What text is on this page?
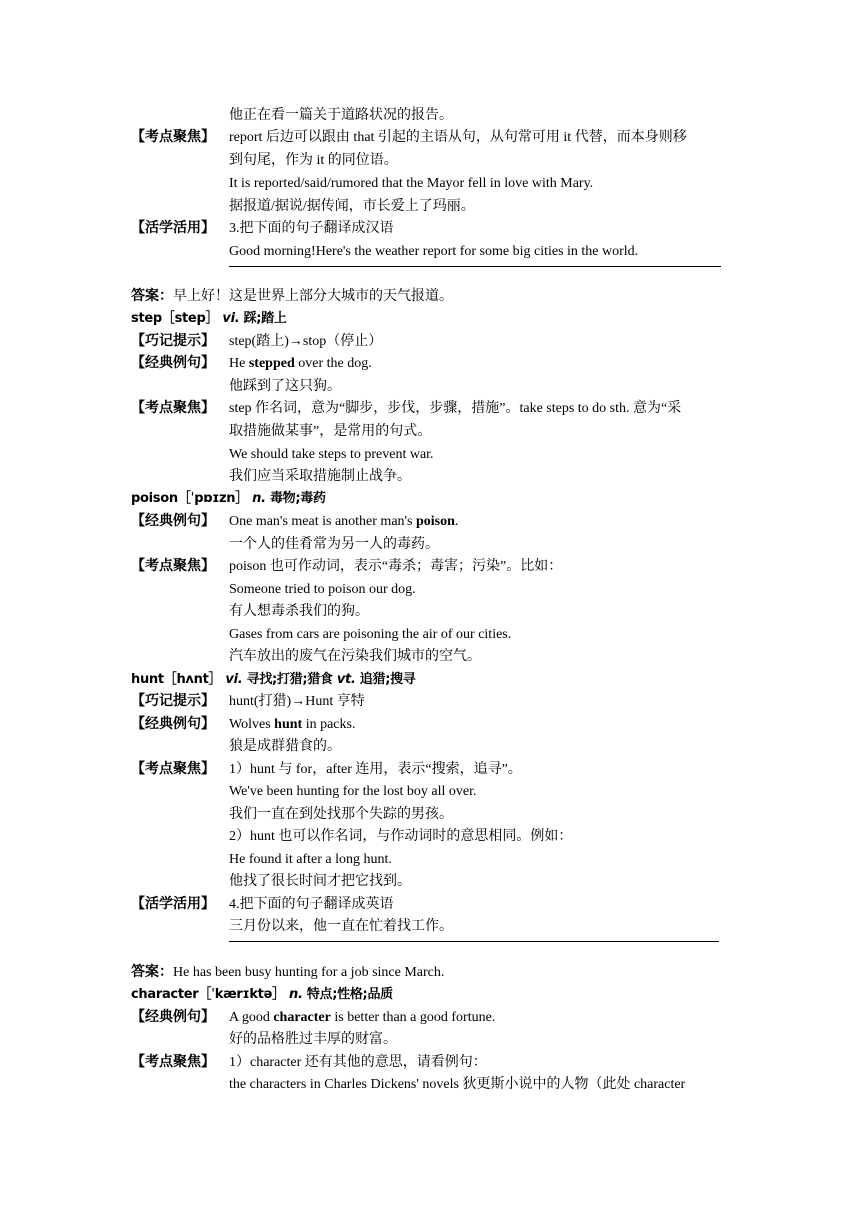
他正在看一篇关于道路状况的报告。
【考点聚焦】 report 后边可以跟由 that 引起的主语从句，从句常可用 it 代替，而本身则移
到句尾，作为 it 的同位语。
It is reported/said/rumored that the Mayor fell in love with Mary.
据报道/据说/据传闻，市长爱上了玛丽。
【活学活用】 3.把下面的句子翻译成汉语
Good morning!Here's the weather report for some big cities in the world.
答案：早上好！这是世界上部分大城市的天气报道。
step［step］ vi. 踩;踏上
【巧记提示】 step(踏上)→stop（停止）
【经典例句】 He stepped over the dog.
他踩到了这只狗。
【考点聚焦】 step 作名词，意为“脚步，步伐，步骤，措施”。take steps to do sth. 意为“采
取措施做某事”，是常用的句式。
We should take steps to prevent war.
我们应当采取措施制止战争。
poison［ˈpɒɪzn］ n. 毒物;毒药
【经典例句】 One man's meat is another man's poison.
一个人的佳肴常为另一人的毒药。
【考点聚焦】 poison 也可作动词，表示“毒杀；毒害；污染”。比如：
Someone tried to poison our dog.
有人想毒杀我们的狗。
Gases from cars are poisoning the air of our cities.
汽车放出的废气在污染我们城市的空气。
hunt［hʌnt］ vi. 寻找;打猎;猎食 vt. 追猎;搜寻
【巧记提示】 hunt(打猎)→Hunt 亨特
【经典例句】 Wolves hunt in packs.
狼是成群猎食的。
【考点聚焦】 1）hunt 与 for，after 连用，表示“搜索，追寻”。
We've been hunting for the lost boy all over.
我们一直在到处找那个失踪的男孩。
2）hunt 也可以作名词，与作动词时的意思相同。例如：
He found it after a long hunt.
他找了很长时间才把它找到。
【活学活用】 4.把下面的句子翻译成英语
三月份以来，他一直在忙着找工作。
答案：He has been busy hunting for a job since March.
character［ˈkærɪktə］ n. 特点;性格;品质
【经典例句】 A good character is better than a good fortune.
好的品格胜过丰厚的财富。
【考点聚焦】 1）character 还有其他的意思，请看例句：
the characters in Charles Dickens' novels 狄更斯小说中的人物（此处 character
